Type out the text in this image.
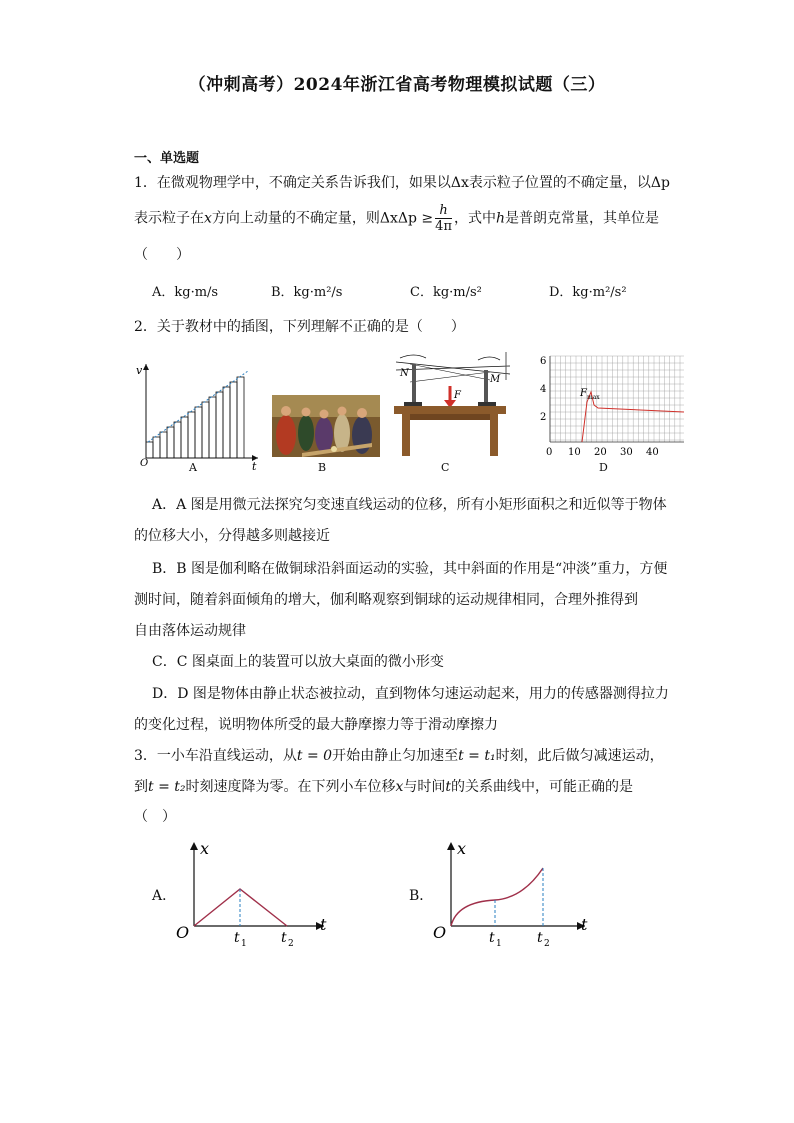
（冲刺高考）2024年浙江省高考物理模拟试题（三）
一、单选题
1．在微观物理学中，不确定关系告诉我们，如果以Δx表示粒子位置的不确定量，以Δp
表示粒子在x方向上动量的不确定量，则$\Delta x\Delta p \ge \frac{h}{4\pi}$ ，式中h是普朗克常量，其单位是
（　　）
A．kg·m/s	B．kg·m²/s	C．kg·m/s²	D．kg·m²/s²
2．关于教材中的插图，下列理解不正确的是（　　）
v
t
O	A	B
N
M
F
C
6
4
2
0 10 20 30 40
F max
D
A．A 图是用微元法探究匀变速直线运动的位移，所有小矩形面积之和近似等于物体
的位移大小，分得越多则越接近
B．B 图是伽利略在做铜球沿斜面运动的实验，其中斜面的作用是“冲淡”重力，方便
测时间，随着斜面倾角的增大，伽利略观察到铜球的运动规律相同，合理外推得到
自由落体运动规律
C．C 图桌面上的装置可以放大桌面的微小形变
D．D 图是物体由静止状态被拉动，直到物体匀速运动起来，用力的传感器测得拉力
的变化过程，说明物体所受的最大静摩擦力等于滑动摩擦力
3．一小车沿直线运动，从t = 0开始由静止匀加速至t = t₁时刻，此后做匀减速运动，
到t = t₂时刻速度降为零。在下列小车位移x与时间t的关系曲线中，可能正确的是
（　）
A．
x
t
O	t 1 t 2
B．
x
t
O	t 1	t 2
